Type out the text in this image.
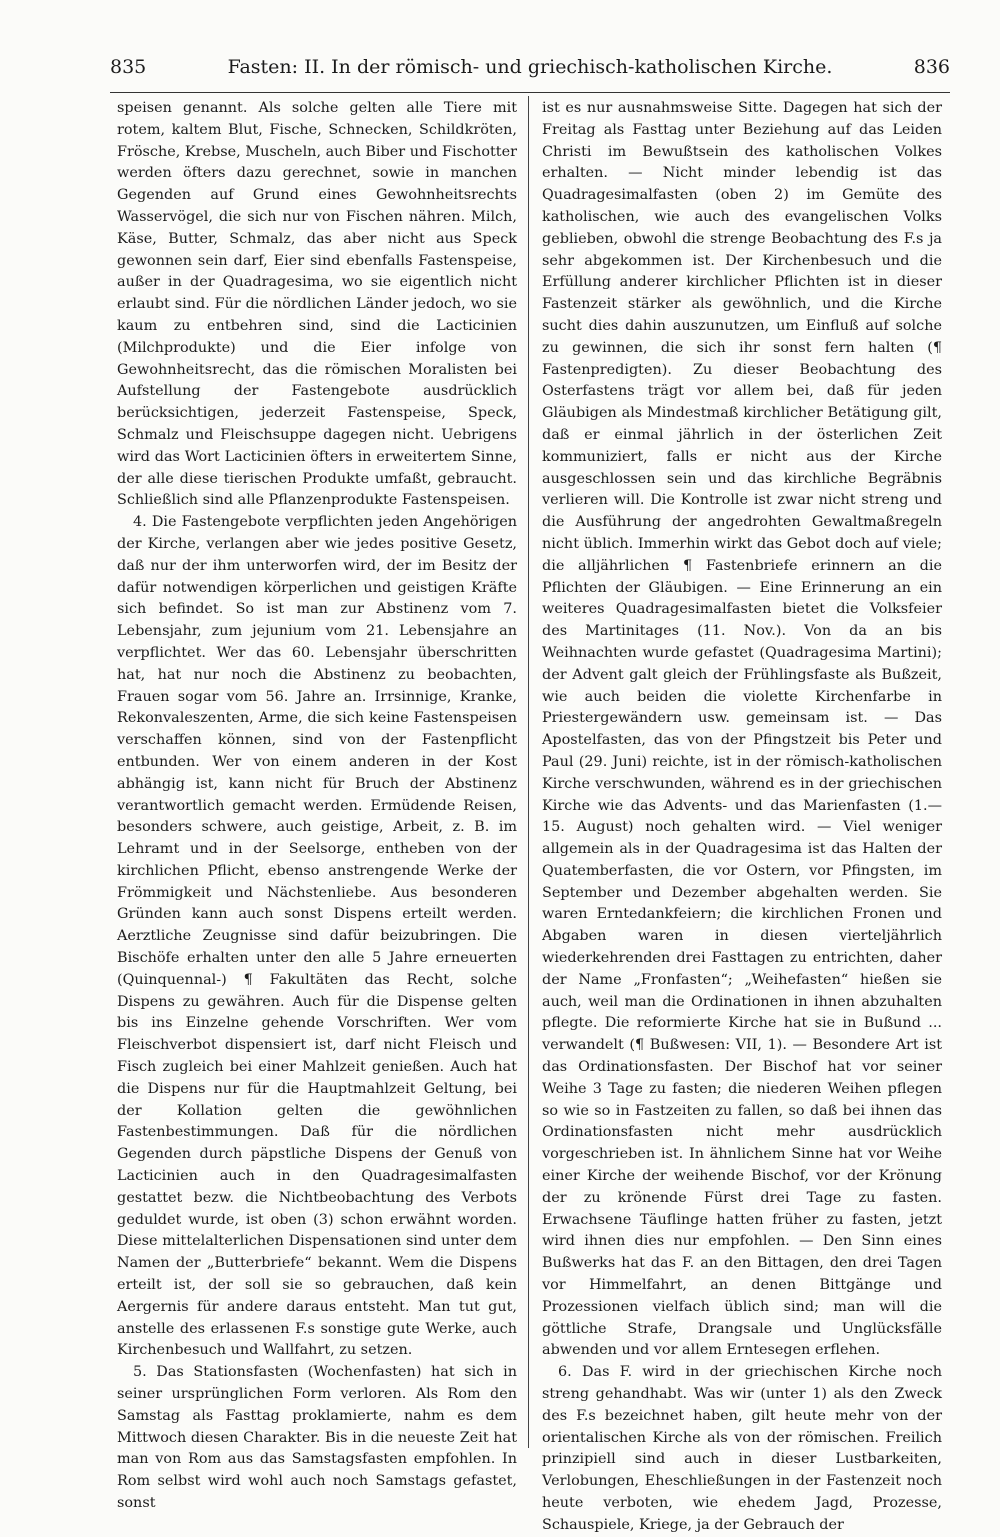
835	Fasten: II. In der römisch- und griechisch-katholischen Kirche.	836

speisen genannt. Als solche gelten alle Tiere mit rotem, kaltem Blut, Fische, Schnecken, Schildkröten, Frösche, Krebse, Muscheln, auch Biber und Fischotter werden öfters dazu gerechnet, sowie in manchen Gegenden auf Grund eines Gewohnheitsrechts Wasservögel, die sich nur von Fischen nähren. Milch, Käse, Butter, Schmalz, das aber nicht aus Speck gewonnen sein darf, Eier sind ebenfalls Fastenspeise, außer in der Quadragesima, wo sie eigentlich nicht erlaubt sind. Für die nördlichen Länder jedoch, wo sie kaum zu entbehren sind, sind die Lacticinien (Milchprodukte) und die Eier infolge von Gewohnheitsrecht, das die römischen Moralisten bei Aufstellung der Fastengebote ausdrücklich berücksichtigen, jederzeit Fastenspeise, Speck, Schmalz und Fleischsuppe dagegen nicht. Uebrigens wird das Wort Lacticinien öfters in erweitertem Sinne, der alle diese tierischen Produkte umfaßt, gebraucht. Schließlich sind alle Pflanzenprodukte Fastenspeisen.

4. Die Fastengebote verpflichten jeden Angehörigen der Kirche, verlangen aber wie jedes positive Gesetz, daß nur der ihm unterworfen wird, der im Besitz der dafür notwendigen körperlichen und geistigen Kräfte sich befindet. So ist man zur Abstinenz vom 7. Lebensjahr, zum jejunium vom 21. Lebensjahre an verpflichtet. Wer das 60. Lebensjahr überschritten hat, hat nur noch die Abstinenz zu beobachten, Frauen sogar vom 56. Jahre an. Irrsinnige, Kranke, Rekonvaleszenten, Arme, die sich keine Fastenspeisen verschaffen können, sind von der Fastenpflicht entbunden. Wer von einem anderen in der Kost abhängig ist, kann nicht für Bruch der Abstinenz verantwortlich gemacht werden. Ermüdende Reisen, besonders schwere, auch geistige, Arbeit, z. B. im Lehramt und in der Seelsorge, entheben von der kirchlichen Pflicht, ebenso anstrengende Werke der Frömmigkeit und Nächstenliebe. Aus besonderen Gründen kann auch sonst Dispens erteilt werden. Aerztliche Zeugnisse sind dafür beizubringen. Die Bischöfe erhalten unter den alle 5 Jahre erneuerten (Quinquennal-) ¶ Fakultäten das Recht, solche Dispens zu gewähren. Auch für die Dispense gelten bis ins Einzelne gehende Vorschriften. Wer vom Fleischverbot dispensiert ist, darf nicht Fleisch und Fisch zugleich bei einer Mahlzeit genießen. Auch hat die Dispens nur für die Hauptmahlzeit Geltung, bei der Kollation gelten die gewöhnlichen Fastenbestimmungen. Daß für die nördlichen Gegenden durch päpstliche Dispens der Genuß von Lacticinien auch in den Quadragesimalfasten gestattet bezw. die Nichtbeobachtung des Verbots geduldet wurde, ist oben (3) schon erwähnt worden. Diese mittelalterlichen Dispensationen sind unter dem Namen der „Butterbriefe“ bekannt. Wem die Dispens erteilt ist, der soll sie so gebrauchen, daß kein Aergernis für andere daraus entsteht. Man tut gut, anstelle des erlassenen F.s sonstige gute Werke, auch Kirchenbesuch und Wallfahrt, zu setzen.

5. Das Stationsfasten (Wochenfasten) hat sich in seiner ursprünglichen Form verloren. Als Rom den Samstag als Fasttag proklamierte, nahm es dem Mittwoch diesen Charakter. Bis in die neueste Zeit hat man von Rom aus das Samstagsfasten empfohlen. In Rom selbst wird wohl auch noch Samstags gefastet, sonst

ist es nur ausnahmsweise Sitte. Dagegen hat sich der Freitag als Fasttag unter Beziehung auf das Leiden Christi im Bewußtsein des katholischen Volkes erhalten. — Nicht minder lebendig ist das Quadragesimalfasten (oben 2) im Gemüte des katholischen, wie auch des evangelischen Volks geblieben, obwohl die strenge Beobachtung des F.s ja sehr abgekommen ist. Der Kirchenbesuch und die Erfüllung anderer kirchlicher Pflichten ist in dieser Fastenzeit stärker als gewöhnlich, und die Kirche sucht dies dahin auszunutzen, um Einfluß auf solche zu gewinnen, die sich ihr sonst fern halten (¶ Fastenpredigten). Zu dieser Beobachtung des Osterfastens trägt vor allem bei, daß für jeden Gläubigen als Mindestmaß kirchlicher Betätigung gilt, daß er einmal jährlich in der österlichen Zeit kommuniziert, falls er nicht aus der Kirche ausgeschlossen sein und das kirchliche Begräbnis verlieren will. Die Kontrolle ist zwar nicht streng und die Ausführung der angedrohten Gewaltmaßregeln nicht üblich. Immerhin wirkt das Gebot doch auf viele; die alljährlichen ¶ Fastenbriefe erinnern an die Pflichten der Gläubigen. — Eine Erinnerung an ein weiteres Quadragesimalfasten bietet die Volksfeier des Martinitages (11. Nov.). Von da an bis Weihnachten wurde gefastet (Quadragesima Martini); der Advent galt gleich der Frühlingsfaste als Bußzeit, wie auch beiden die violette Kirchenfarbe in Priestergewändern usw. gemeinsam ist. — Das Apostelfasten, das von der Pfingstzeit bis Peter und Paul (29. Juni) reichte, ist in der römisch-katholischen Kirche verschwunden, während es in der griechischen Kirche wie das Advents- und das Marienfasten (1.—15. August) noch gehalten wird. — Viel weniger allgemein als in der Quadragesima ist das Halten der Quatemberfasten, die vor Ostern, vor Pfingsten, im September und Dezember abgehalten werden. Sie waren Erntedankfeiern; die kirchlichen Fronen und Abgaben waren in diesen vierteljährlich wiederkehrenden drei Fasttagen zu entrichten, daher der Name „Fronfasten“; „Weihefasten“ hießen sie auch, weil man die Ordinationen in ihnen abzuhalten pflegte. Die reformierte Kirche hat sie in Bußund ... verwandelt (¶ Bußwesen: VII, 1). — Besondere Art ist das Ordinationsfasten. Der Bischof hat vor seiner Weihe 3 Tage zu fasten; die niederen Weihen pflegen so wie so in Fastzeiten zu fallen, so daß bei ihnen das Ordinationsfasten nicht mehr ausdrücklich vorgeschrieben ist. In ähnlichem Sinne hat vor Weihe einer Kirche der weihende Bischof, vor der Krönung der zu krönende Fürst drei Tage zu fasten. Erwachsene Täuflinge hatten früher zu fasten, jetzt wird ihnen dies nur empfohlen. — Den Sinn eines Bußwerks hat das F. an den Bittagen, den drei Tagen vor Himmelfahrt, an denen Bittgänge und Prozessionen vielfach üblich sind; man will die göttliche Strafe, Drangsale und Unglücksfälle abwenden und vor allem Erntesegen erflehen.

6. Das F. wird in der griechischen Kirche noch streng gehandhabt. Was wir (unter 1) als den Zweck des F.s bezeichnet haben, gilt heute mehr von der orientalischen Kirche als von der römischen. Freilich prinzipiell sind auch in dieser Lustbarkeiten, Verlobungen, Eheschließungen in der Fastenzeit noch heute verboten, wie ehedem Jagd, Prozesse, Schauspiele, Kriege, ja der Gebrauch der
